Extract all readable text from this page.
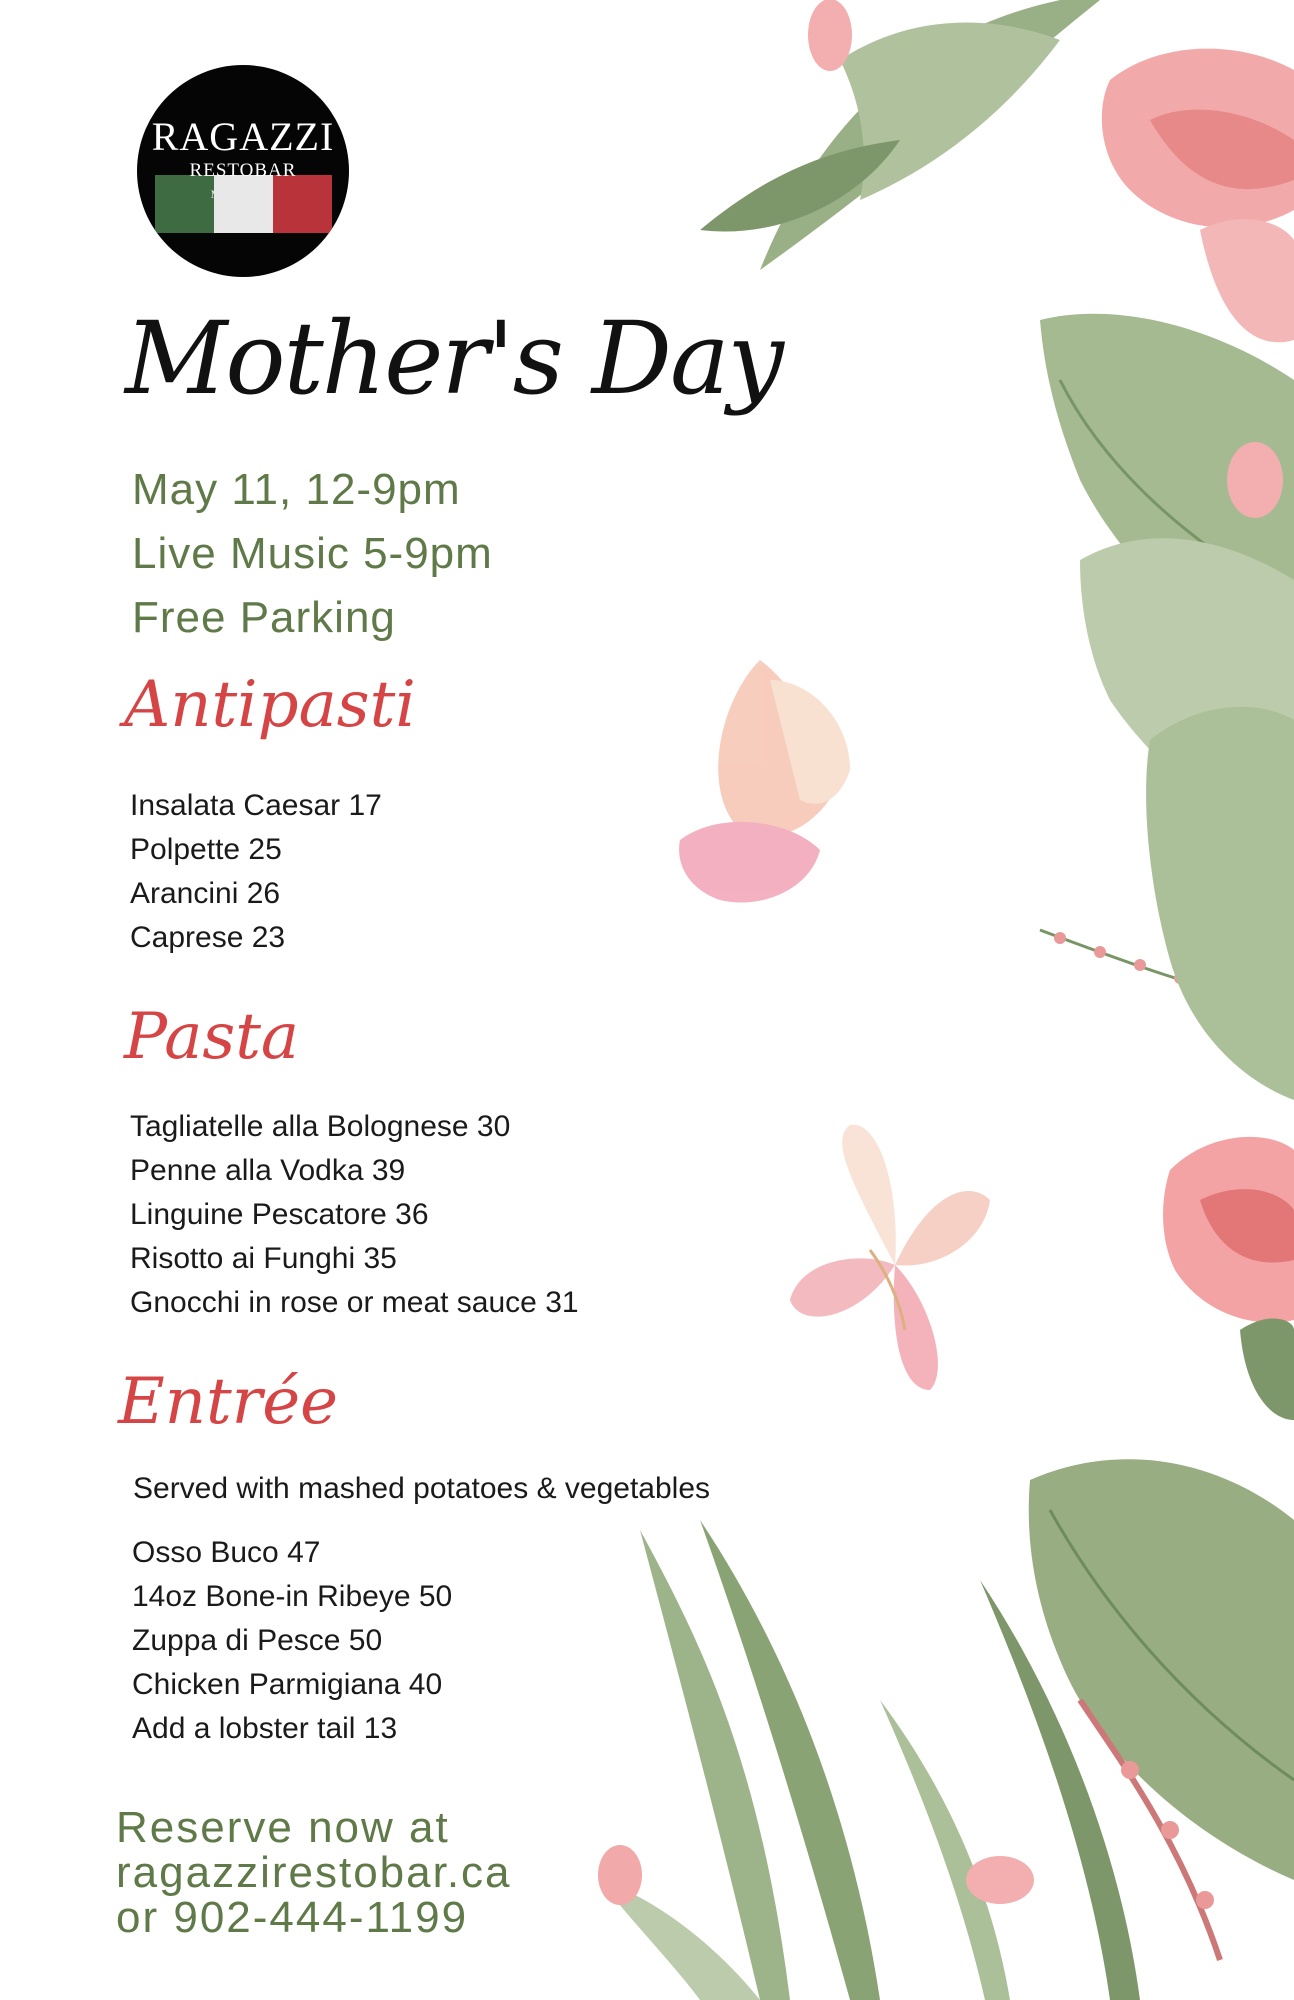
RAGAZZI
RESTOBAR
MMXXII
Mother's Day
May 11, 12-9pm
Live Music 5-9pm
Free Parking
Antipasti
Insalata Caesar 17
Polpette 25
Arancini 26
Caprese 23
Pasta
Tagliatelle alla Bolognese 30
Penne alla Vodka 39
Linguine Pescatore 36
Risotto ai Funghi 35
Gnocchi in rose or meat sauce 31
Entrée
Served with mashed potatoes & vegetables
Osso Buco 47
14oz Bone-in Ribeye 50
Zuppa di Pesce 50
Chicken Parmigiana 40
Add a lobster tail 13
Reserve now at
ragazzirestobar.ca
or 902-444-1199
